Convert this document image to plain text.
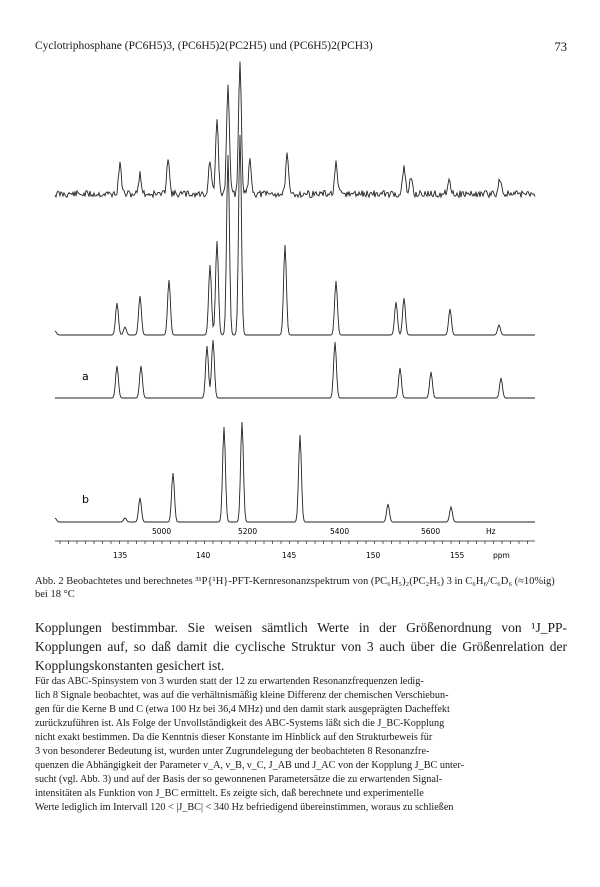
Cyclotriphosphane (PC6H5)3, (PC6H5)2(PC2H5) und (PC6H5)2(PCH3)	73
a
b
5000	5200	5400	5600	Hz
135	140	145	150	155	ppm
Abb. 2 Beobachtetes und berechnetes ³¹P{¹H}-PFT-Kernresonanzspektrum von (PC₆H₅)₂(PC₂H₅) 3 in C₆H₆/C₆D₆ (≈10%ig) bei 18 °C
Kopplungen bestimmbar. Sie weisen sämtlich Werte in der Größenordnung von ¹J_PP-Kopplungen auf, so daß damit die cyclische Struktur von 3 auch über die Größenrelation der Kopplungskonstanten gesichert ist.
Für das ABC-Spinsystem von 3 wurden statt der 12 zu erwartenden Resonanzfrequenzen ledig-
lich 8 Signale beobachtet, was auf die verhältnismäßig kleine Differenz der chemischen Verschiebun-
gen für die Kerne B und C (etwa 100 Hz bei 36,4 MHz) und den damit stark ausgeprägten Dacheffekt
zurückzuführen ist. Als Folge der Unvollständigkeit des ABC-Systems läßt sich die J_BC-Kopplung
nicht exakt bestimmen. Da die Kenntnis dieser Konstante im Hinblick auf den Strukturbeweis für
3 von besonderer Bedeutung ist, wurden unter Zugrundelegung der beobachteten 8 Resonanzfre-
quenzen die Abhängigkeit der Parameter ν_A, ν_B, ν_C, J_AB und J_AC von der Kopplung J_BC unter-
sucht (vgl. Abb. 3) und auf der Basis der so gewonnenen Parametersätze die zu erwartenden Signal-
intensitäten als Funktion von J_BC ermittelt. Es zeigte sich, daß berechnete und experimentelle
Werte lediglich im Intervall 120 < |J_BC| < 340 Hz befriedigend übereinstimmen, woraus zu schließen
